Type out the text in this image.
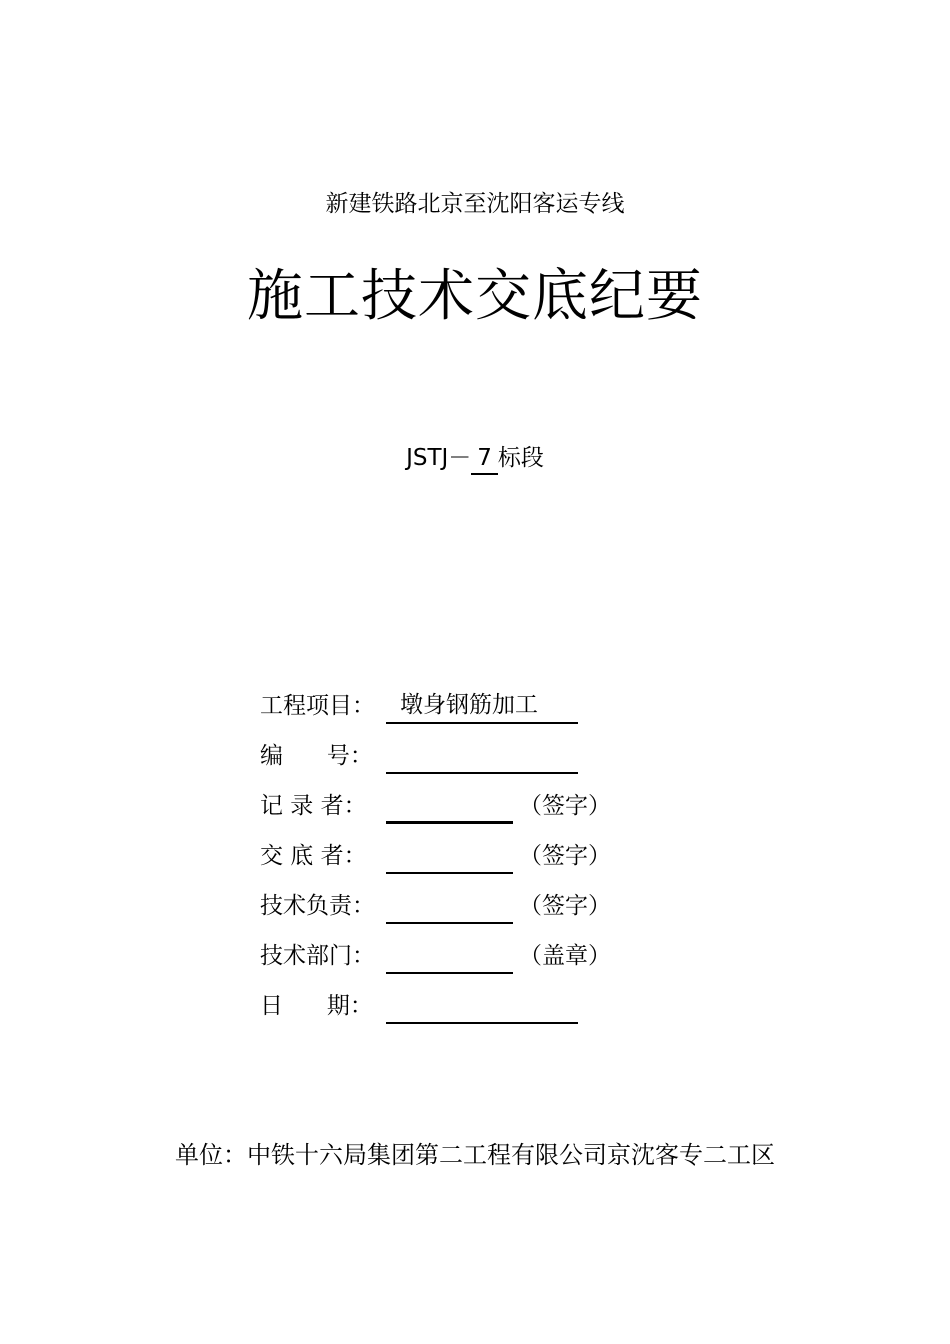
新建铁路北京至沈阳客运专线
施工技术交底纪要
JSTJ－ 7 标段
工程项目： 墩身钢筋加工
编      号：
记 录 者：	（签字）
交 底 者：	（签字）
技术负责：	（签字）
技术部门：	（盖章）
日      期：
单位：中铁十六局集团第二工程有限公司京沈客专二工区
